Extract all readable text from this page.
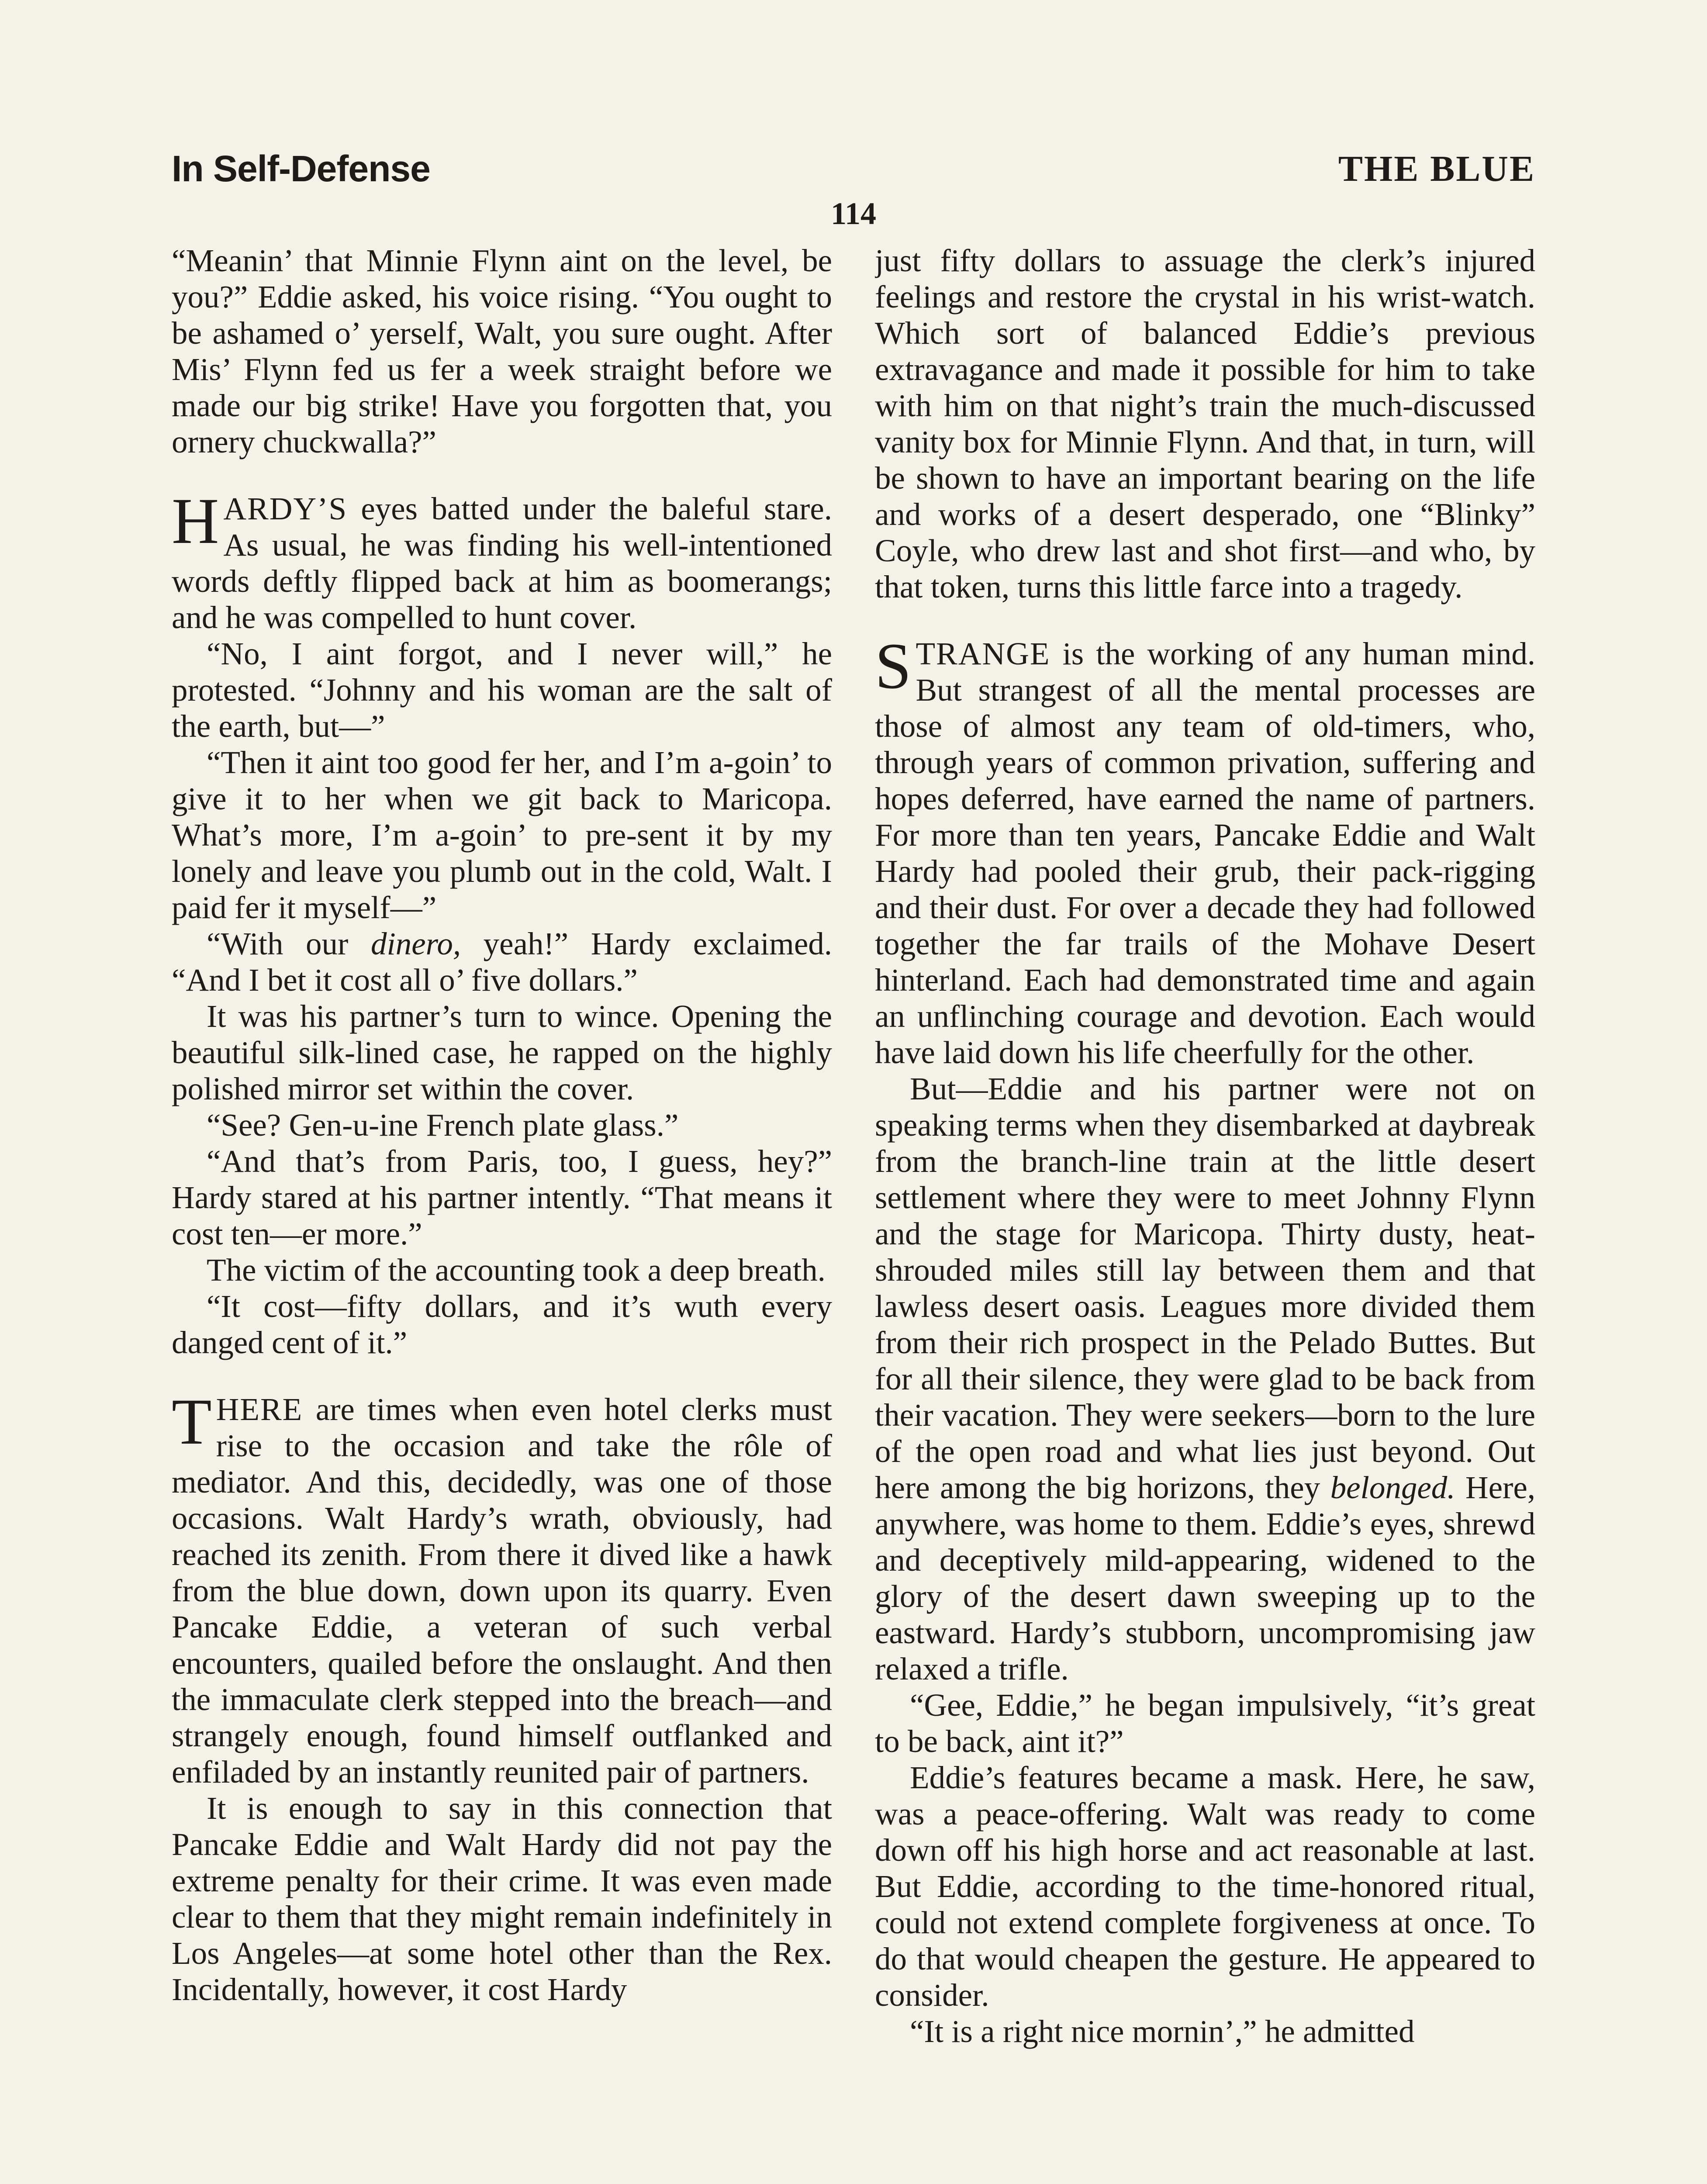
In Self-Defense	THE BLUE
114

“Meanin’ that Minnie Flynn aint on the level, be you?” Eddie asked, his voice rising. “You ought to be ashamed o’ yerself, Walt, you sure ought. After Mis’ Flynn fed us fer a week straight before we made our big strike! Have you forgotten that, you ornery chuckwalla?”

HARDY’S eyes batted under the baleful stare. As usual, he was finding his well-intentioned words deftly flipped back at him as boomerangs; and he was compelled to hunt cover.

“No, I aint forgot, and I never will,” he protested. “Johnny and his woman are the salt of the earth, but—”

“Then it aint too good fer her, and I’m a-goin’ to give it to her when we git back to Maricopa. What’s more, I’m a-goin’ to pre-sent it by my lonely and leave you plumb out in the cold, Walt. I paid fer it myself—”

“With our dinero, yeah!” Hardy exclaimed. “And I bet it cost all o’ five dollars.”

It was his partner’s turn to wince. Opening the beautiful silk-lined case, he rapped on the highly polished mirror set within the cover.

“See? Gen-u-ine French plate glass.”

“And that’s from Paris, too, I guess, hey?” Hardy stared at his partner intently. “That means it cost ten—er more.”

The victim of the accounting took a deep breath.

“It cost—fifty dollars, and it’s wuth every danged cent of it.”

THERE are times when even hotel clerks must rise to the occasion and take the rôle of mediator. And this, decidedly, was one of those occasions. Walt Hardy’s wrath, obviously, had reached its zenith. From there it dived like a hawk from the blue down, down upon its quarry. Even Pancake Eddie, a veteran of such verbal encounters, quailed before the onslaught. And then the immaculate clerk stepped into the breach—and strangely enough, found himself outflanked and enfiladed by an instantly reunited pair of partners.

It is enough to say in this connection that Pancake Eddie and Walt Hardy did not pay the extreme penalty for their crime. It was even made clear to them that they might remain indefinitely in Los Angeles—at some hotel other than the Rex. Incidentally, however, it cost Hardy

just fifty dollars to assuage the clerk’s injured feelings and restore the crystal in his wrist-watch. Which sort of balanced Eddie’s previous extravagance and made it possible for him to take with him on that night’s train the much-discussed vanity box for Minnie Flynn. And that, in turn, will be shown to have an important bearing on the life and works of a desert desperado, one “Blinky” Coyle, who drew last and shot first—and who, by that token, turns this little farce into a tragedy.

STRANGE is the working of any human mind. But strangest of all the mental processes are those of almost any team of old-timers, who, through years of common privation, suffering and hopes deferred, have earned the name of partners. For more than ten years, Pancake Eddie and Walt Hardy had pooled their grub, their pack-rigging and their dust. For over a decade they had followed together the far trails of the Mohave Desert hinterland. Each had demonstrated time and again an unflinching courage and devotion. Each would have laid down his life cheerfully for the other.

But—Eddie and his partner were not on speaking terms when they disembarked at daybreak from the branch-line train at the little desert settlement where they were to meet Johnny Flynn and the stage for Maricopa. Thirty dusty, heat-shrouded miles still lay between them and that lawless desert oasis. Leagues more divided them from their rich prospect in the Pelado Buttes. But for all their silence, they were glad to be back from their vacation. They were seekers—born to the lure of the open road and what lies just beyond. Out here among the big horizons, they belonged. Here, anywhere, was home to them. Eddie’s eyes, shrewd and deceptively mild-appearing, widened to the glory of the desert dawn sweeping up to the eastward. Hardy’s stubborn, uncompromising jaw relaxed a trifle.

“Gee, Eddie,” he began impulsively, “it’s great to be back, aint it?”

Eddie’s features became a mask. Here, he saw, was a peace-offering. Walt was ready to come down off his high horse and act reasonable at last. But Eddie, according to the time-honored ritual, could not extend complete forgiveness at once. To do that would cheapen the gesture. He appeared to consider.

“It is a right nice mornin’,” he admitted
